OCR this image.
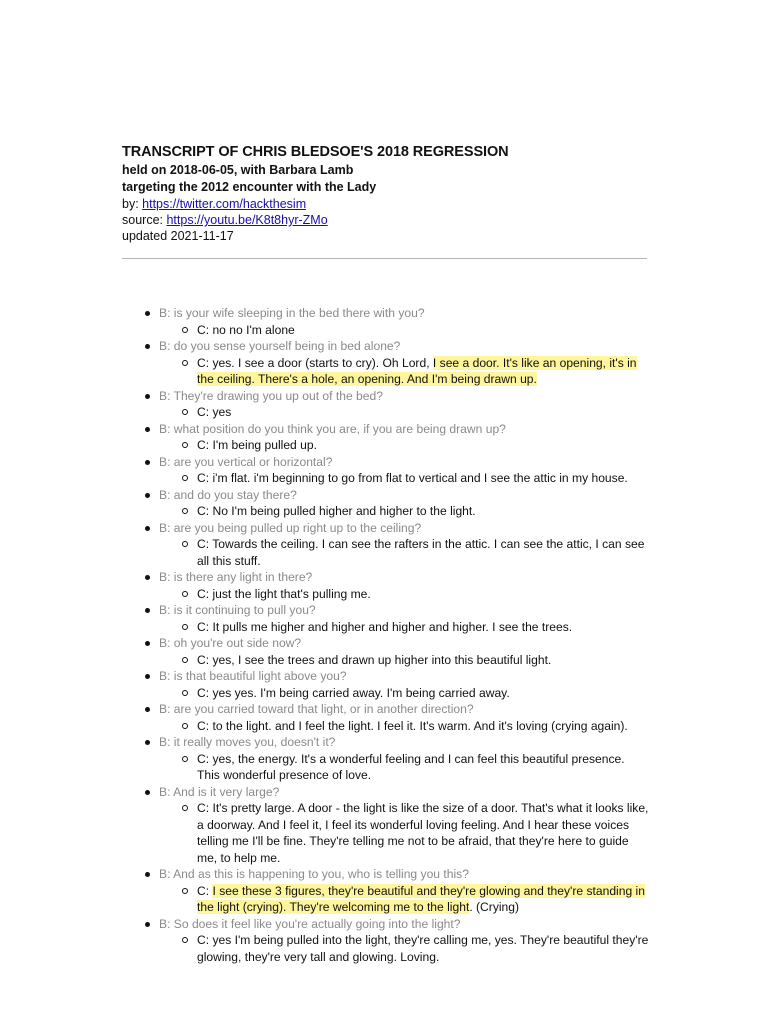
TRANSCRIPT OF CHRIS BLEDSOE'S 2018 REGRESSION

held on 2018-06-05, with Barbara Lamb

targeting the 2012 encounter with the Lady

by: https://twitter.com/hackthesim

source: https://youtu.be/K8t8hyr-ZMo

updated 2021-11-17

B: is your wife sleeping in the bed there with you?
C: no no I'm alone
B: do you sense yourself being in bed alone?
C: yes. I see a door (starts to cry). Oh Lord, I see a door. It's like an opening, it's in the ceiling. There's a hole, an opening. And I'm being drawn up.
B: They're drawing you up out of the bed?
C: yes
B: what position do you think you are, if you are being drawn up?
C: I'm being pulled up.
B: are you vertical or horizontal?
C: i'm flat. i'm beginning to go from flat to vertical and I see the attic in my house.
B: and do you stay there?
C: No I'm being pulled higher and higher to the light.
B: are you being pulled up right up to the ceiling?
C: Towards the ceiling. I can see the rafters in the attic. I can see the attic, I can see all this stuff.
B: is there any light in there?
C: just the light that's pulling me.
B: is it continuing to pull you?
C: It pulls me higher and higher and higher and higher. I see the trees.
B: oh you're out side now?
C: yes, I see the trees and drawn up higher into this beautiful light.
B: is that beautiful light above you?
C: yes yes. I'm being carried away. I'm being carried away.
B: are you carried toward that light, or in another direction?
C: to the light. and I feel the light. I feel it. It's warm. And it's loving (crying again).
B: it really moves you, doesn't it?
C: yes, the energy. It's a wonderful feeling and I can feel this beautiful presence. This wonderful presence of love.
B: And is it very large?
C: It's pretty large. A door - the light is like the size of a door. That's what it looks like, a doorway. And I feel it, I feel its wonderful loving feeling. And I hear these voices telling me I'll be fine. They're telling me not to be afraid, that they're here to guide me, to help me.
B: And as this is happening to you, who is telling you this?
C: I see these 3 figures, they're beautiful and they're glowing and they're standing in the light (crying). They're welcoming me to the light. (Crying)
B: So does it feel like you're actually going into the light?
C: yes I'm being pulled into the light, they're calling me, yes. They're beautiful they're glowing, they're very tall and glowing. Loving.
